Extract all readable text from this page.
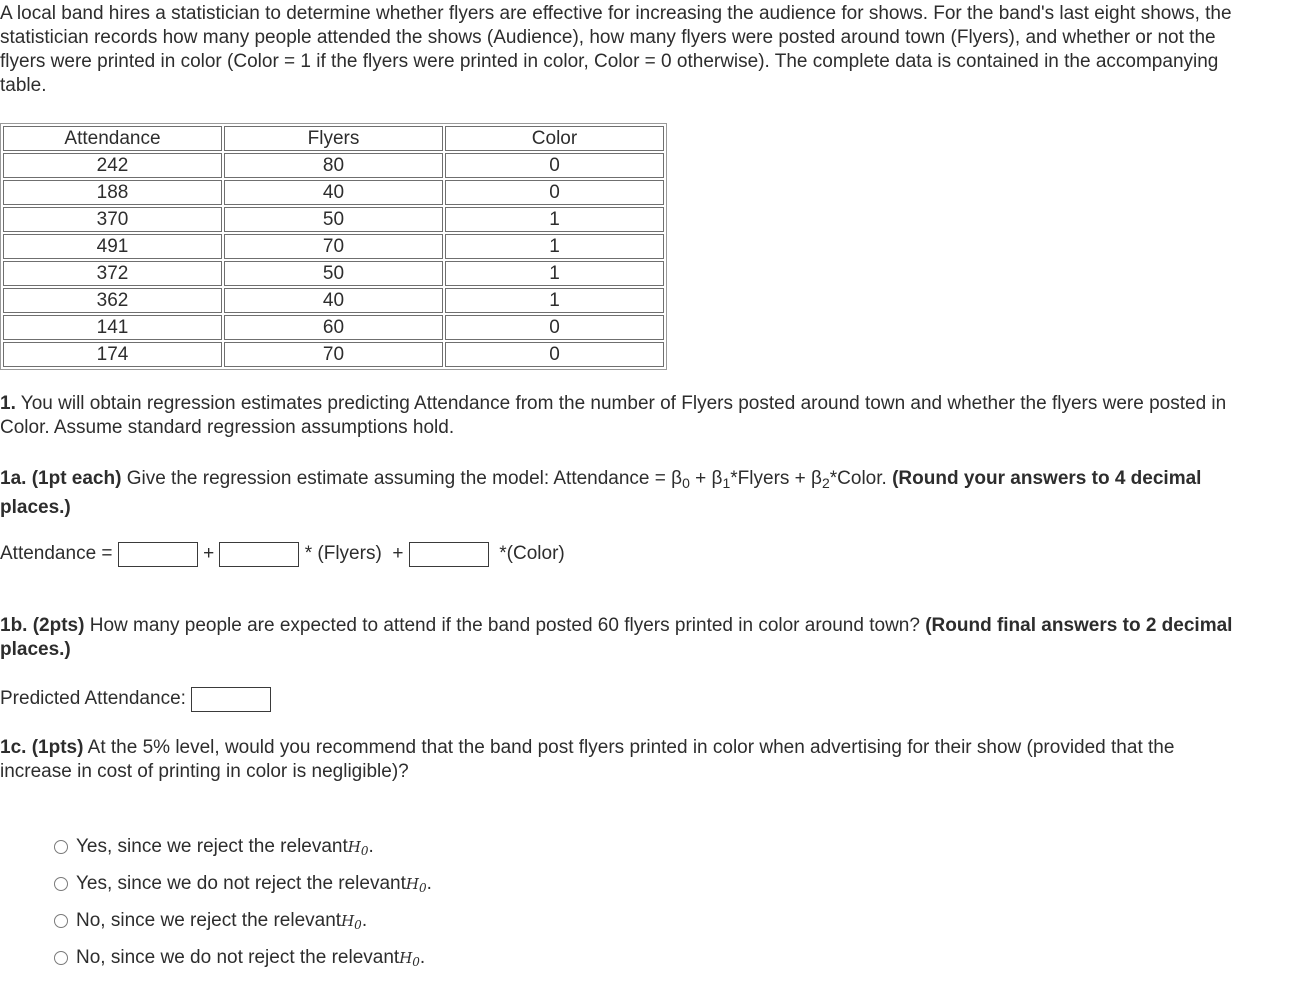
A local band hires a statistician to determine whether flyers are effective for increasing the audience for shows. For the band's last eight shows, the statistician records how many people attended the shows (Audience), how many flyers were posted around town (Flyers), and whether or not the flyers were printed in color (Color = 1 if the flyers were printed in color, Color = 0 otherwise). The complete data is contained in the accompanying table.

Attendance	Flyers	Color
242	80	0
188	40	0
370	50	1
491	70	1
372	50	1
362	40	1
141	60	0
174	70	0

1. You will obtain regression estimates predicting Attendance from the number of Flyers posted around town and whether the flyers were posted in Color. Assume standard regression assumptions hold.

1a. (1pt each) Give the regression estimate assuming the model: Attendance = $\beta_0$ + $\beta_1*Flyers$ + $\beta_2*Color$. (Round your answers to 4 decimal places.)

Attendance =	+	* (Flyers)  +	*(Color)

1b. (2pts) How many people are expected to attend if the band posted 60 flyers printed in color around town? (Round final answers to 2 decimal places.)

Predicted Attendance:

1c. (1pts) At the 5% level, would you recommend that the band post flyers printed in color when advertising for their show (provided that the increase in cost of printing in color is negligible)?

Yes, since we reject the relevant $H_0$ .
Yes, since we do not reject the relevant $H_0$ .
No, since we reject the relevant $H_0$ .
No, since we do not reject the relevant $H_0$ .
